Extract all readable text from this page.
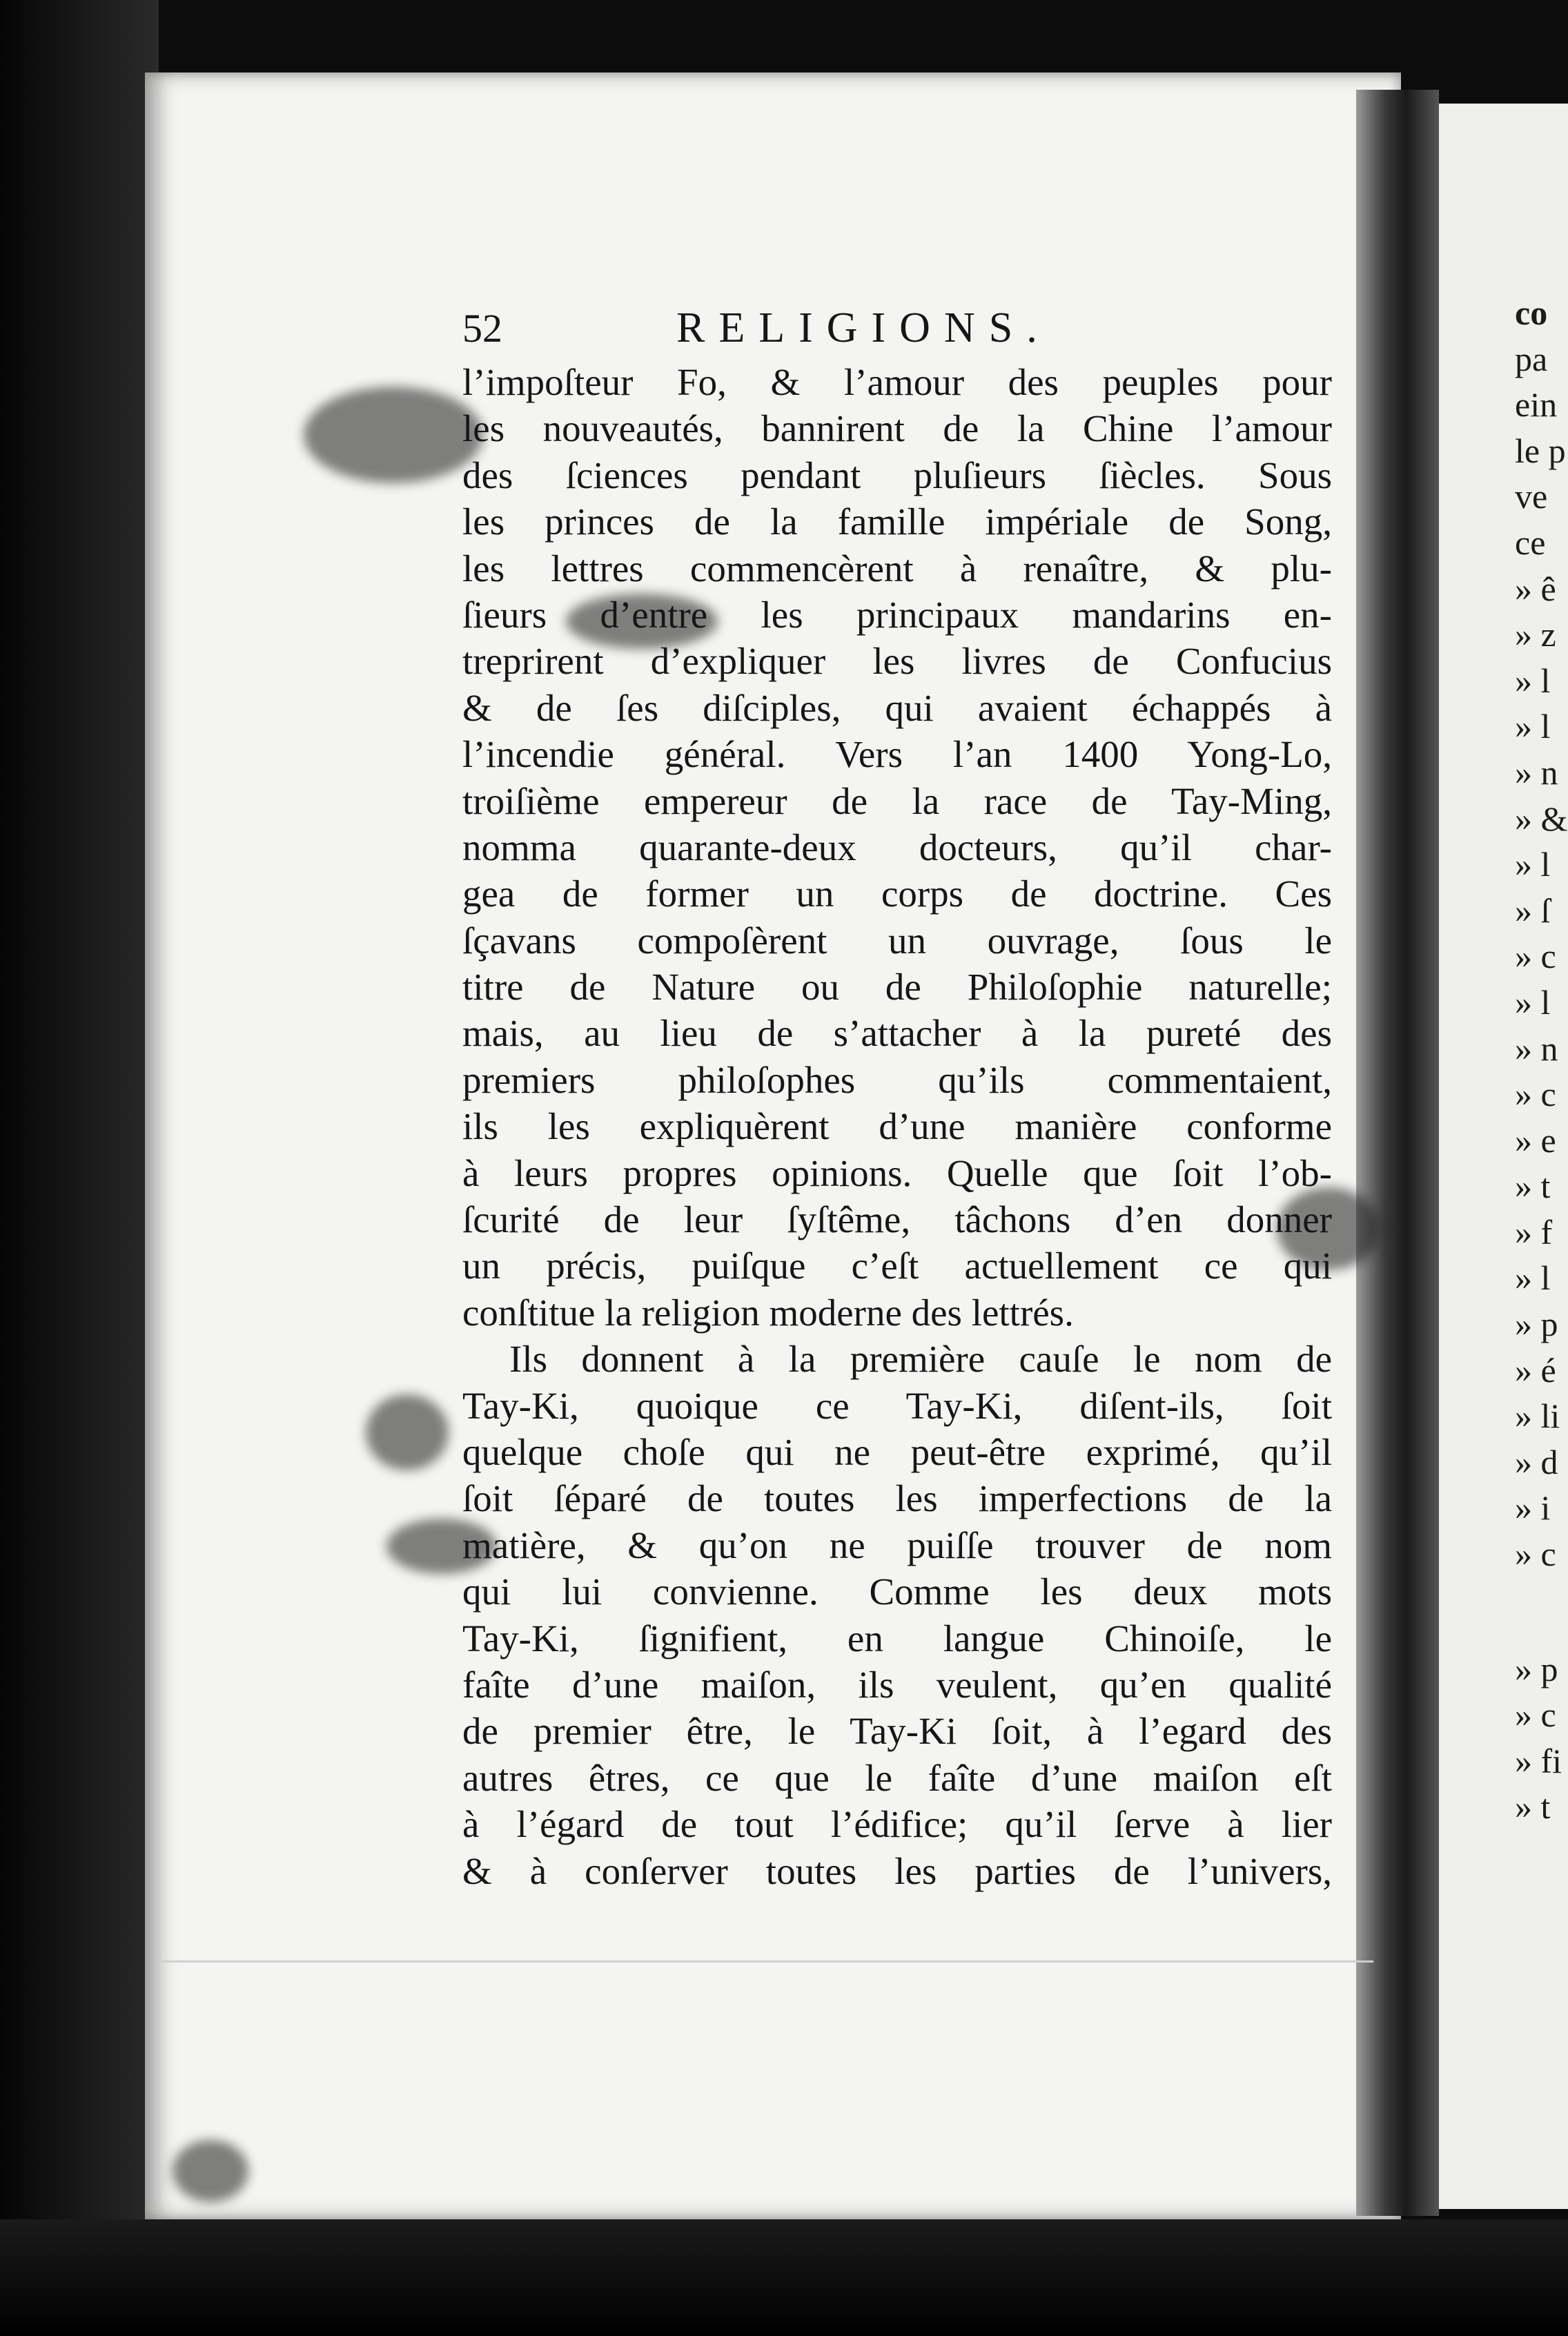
52	RELIGIONS.
l’impoſteur Fo, & l’amour des peuples pour
les nouveautés, bannirent de la Chine l’amour
des ſciences pendant pluſieurs ſiècles. Sous
les princes de la famille impériale de Song,
les lettres commencèrent à renaître, & plu-
ſieurs d’entre les principaux mandarins en-
treprirent d’expliquer les livres de Confucius
& de ſes diſciples, qui avaient échappés à
l’incendie général. Vers l’an 1400 Yong-Lo,
troiſième empereur de la race de Tay-Ming,
nomma quarante-deux docteurs, qu’il char-
gea de former un corps de doctrine. Ces
ſçavans compoſèrent un ouvrage, ſous le
titre de Nature ou de Philoſophie naturelle;
mais, au lieu de s’attacher à la pureté des
premiers philoſophes qu’ils commentaient,
ils les expliquèrent d’une manière conforme
à leurs propres opinions. Quelle que ſoit l’ob-
ſcurité de leur ſyſtême, tâchons d’en donner
un précis, puiſque c’eſt actuellement ce qui
conſtitue la religion moderne des lettrés.
Ils donnent à la première cauſe le nom de
Tay-Ki, quoique ce Tay-Ki, diſent-ils, ſoit
quelque choſe qui ne peut-être exprimé, qu’il
ſoit ſéparé de toutes les imperfections de la
matière, & qu’on ne puiſſe trouver de nom
qui lui convienne. Comme les deux mots
Tay-Ki, ſignifient, en langue Chinoiſe, le
faîte d’une maiſon, ils veulent, qu’en qualité
de premier être, le Tay-Ki ſoit, à l’egard des
autres êtres, ce que le faîte d’une maiſon eſt
à l’égard de tout l’édifice; qu’il ſerve à lier
& à conſerver toutes les parties de l’univers,
co
pa
ein
le p
ve
ce
» ê
» z
» l
» l
» n
» &
» l
» ſ
» c
» l
» n
» c
» e
» t
» f
» l
» p
» é
» li
» d
» i
» c
» p
» c
» fi
» t
